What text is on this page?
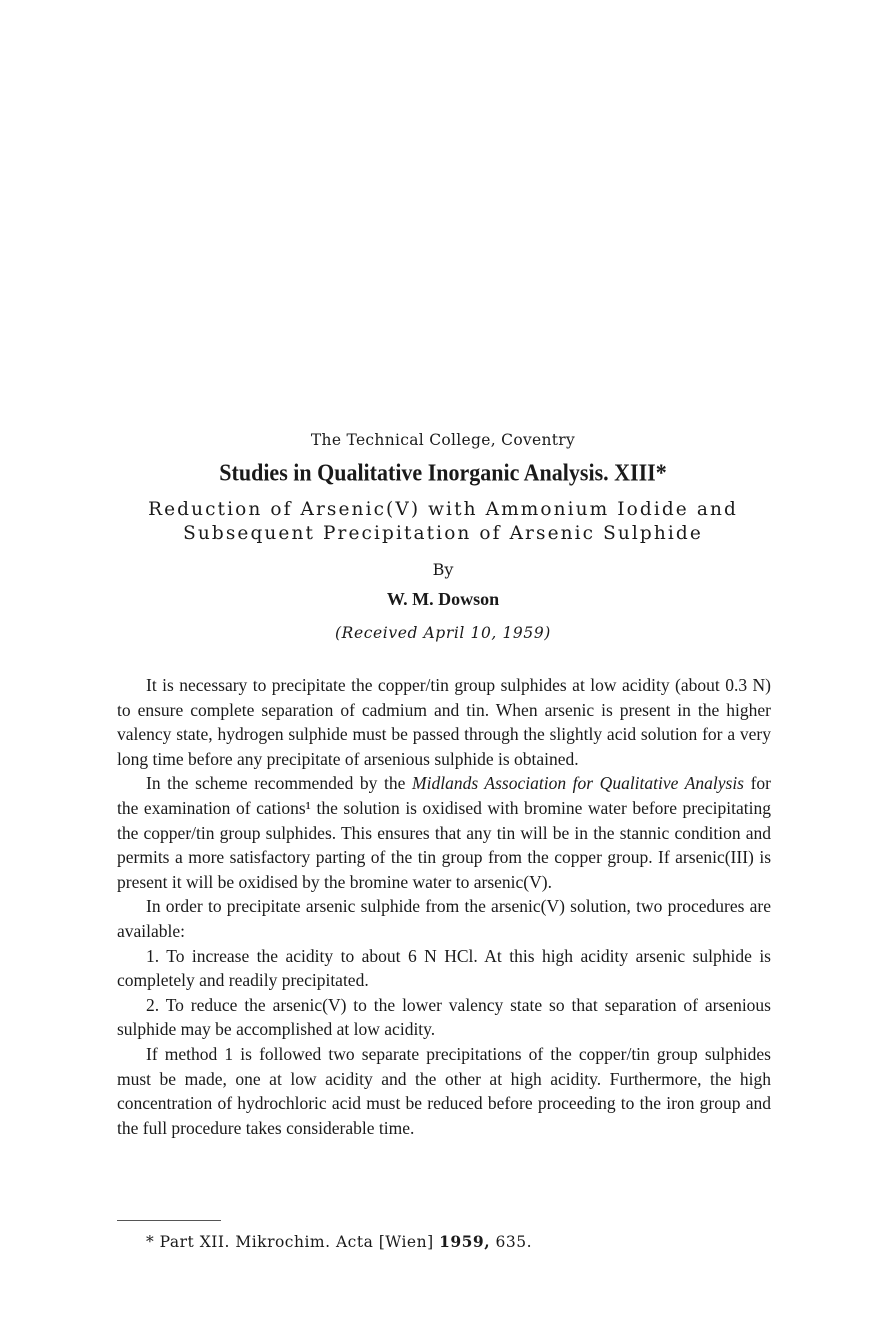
The Technical College, Coventry
Studies in Qualitative Inorganic Analysis. XIII*
Reduction of Arsenic(V) with Ammonium Iodide and
Subsequent Precipitation of Arsenic Sulphide
By
W. M. Dowson
(Received April 10, 1959)

It is necessary to precipitate the copper/tin group sulphides at low acidity (about 0.3 N) to ensure complete separation of cadmium and tin. When arsenic is present in the higher valency state, hydrogen sulphide must be passed through the slightly acid solution for a very long time before any precipitate of arsenious sulphide is obtained.

In the scheme recommended by the Midlands Association for Qualitative Analysis for the examination of cations¹ the solution is oxidised with bromine water before precipitating the copper/tin group sulphides. This ensures that any tin will be in the stannic condition and permits a more satisfactory parting of the tin group from the copper group. If arsenic(III) is present it will be oxidised by the bromine water to arsenic(V).

In order to precipitate arsenic sulphide from the arsenic(V) solution, two procedures are available:

1. To increase the acidity to about 6 N HCl. At this high acidity arsenic sulphide is completely and readily precipitated.

2. To reduce the arsenic(V) to the lower valency state so that separation of arsenious sulphide may be accomplished at low acidity.

If method 1 is followed two separate precipitations of the copper/tin group sulphides must be made, one at low acidity and the other at high acidity. Furthermore, the high concentration of hydrochloric acid must be reduced before proceeding to the iron group and the full procedure takes considerable time.

* Part XII. Mikrochim. Acta [Wien] 1959, 635.
